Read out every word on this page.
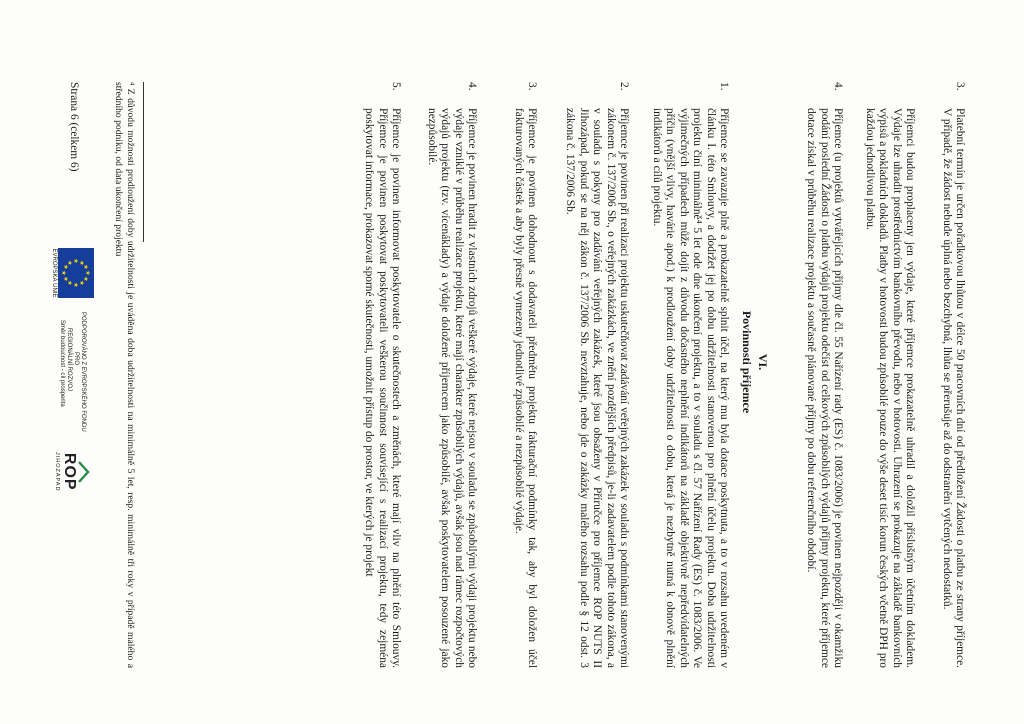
3.

Platební termín je určen pořadkovou lhůtou v délce 50 pracovních dní od předložení Žádosti o platbu ze strany příjemce. V případě, že žádost nebude úplná nebo bezchybná, lhůta se přerušuje až do odstranění vytčených nedostatků.

Příjemci budou proplaceny jen výdaje, které příjemce prokazatelně uhradil a doložil příslušným účetním dokladem. Výdaje lze uhradit prostřednictvím bankovního převodu, nebo v hotovosti. Uhrazení se prokazuje na základě bankovních výpisů a pokladních dokladů. Platby v hotovosti budou způsobilé pouze do výše deset tisíc korun českých včetně DPH pro každou jednotlivou platbu.

4.

Příjemce (u projektů vytvářejících příjmy dle čl. 55 Nařízení rady (ES) č. 1083/2006) je povinen nejpozději v okamžiku podání poslední Žádosti o platbu výdajů projektu odečíst od celkových způsobilých výdajů příjmy projektu, které příjemce dotace získal v průběhu realizace projektu a současně plánované příjmy po dobu referenčního období.

VI.
Povinnosti příjemce
1.

Příjemce se zavazuje plně a prokazatelně splnit účel, na který mu byla dotace poskytnuta, a to v rozsahu uvedeném v článku I. této Smlouvy, a dodržet jej po dobu udržitelnosti stanovenou pro plnění účelu projektu. Doba udržitelnosti projektu činí minimálně⁴ 5 let ode dne ukončení projektu, a to v souladu s čl. 57 Nařízení Rady (ES) č. 1083/2006. Ve výjimečných případech může dojít z důvodu dočasného neplnění indikátorů na základě objektivně nepředvídatelných příčin (vnější vlivy, havárie apod.) k prodloužení doby udržitelnosti o dobu, která je nezbytně nutná k obnově plnění indikátorů a cílů projektu.

2.

Příjemce je povinen při realizaci projektu uskutečňovat zadávání veřejných zakázek v souladu s podmínkami stanovenými zákonem č. 137/2006 Sb., o veřejných zakázkách, ve znění pozdějších předpisů, je-li zadavatelem podle tohoto zákona, a v souladu s pokyny pro zadávání veřejných zakázek, které jsou obsaženy v Příručce pro příjemce ROP NUTS II Jihozápad, pokud se na něj zákon č. 137/2006 Sb. nevztahuje, nebo jde o zakázky malého rozsahu podle § 12 odst. 3 zákona č. 137/2006 Sb.

3.

Příjemce je povinen dohodnout s dodavateli předmětu projektu fakturační podmínky tak, aby byl doložen účel fakturovaných částek a aby byly přesně vymezeny jednotlivé způsobilé a nezpůsobilé výdaje.

4.

Příjemce je povinen hradit z vlastních zdrojů veškeré výdaje, které nejsou v souladu se způsobilými výdaji projektu nebo výdaje vzniklé v průběhu realizace projektu, které mají charakter způsobilých výdajů, avšak jsou nad rámec rozpočtových výdajů projektu (tzv. vícenáklady) a výdaje doložené příjemcem jako způsobilé, avšak poskytovatelem posouzené jako nezpůsobilé.

5.

Příjemce je povinen informovat poskytovatele o skutečnostech a změnách, které mají vliv na plnění této Smlouvy. Příjemce je povinen poskytovat poskytovateli veškerou součinnost související s realizací projektu, tedy zejména poskytovat informace, prokazovat sporné skutečnosti, umožnit přístup do prostor, ve kterých je projekt

⁴ Z důvodu možnosti prodloužení doby udržitelnosti je uváděna doba udržitelnosti na minimálně 5 let, resp. minimálně tři roky v případě malého a středního podniku, od data ukončení projektu

Strana 6 (celkem 6)
★
★
★
★
★
★
★
★
★ ★ ★
★
EVROPSKÁ UNIE
PODPOROVÁNO Z EVROPSKÉHO FONDU
PRO
REGIONÁLNÍ ROZVOJ
Směr budoucnost - cíl prosperita
ROP
JIHOZÁPAD
